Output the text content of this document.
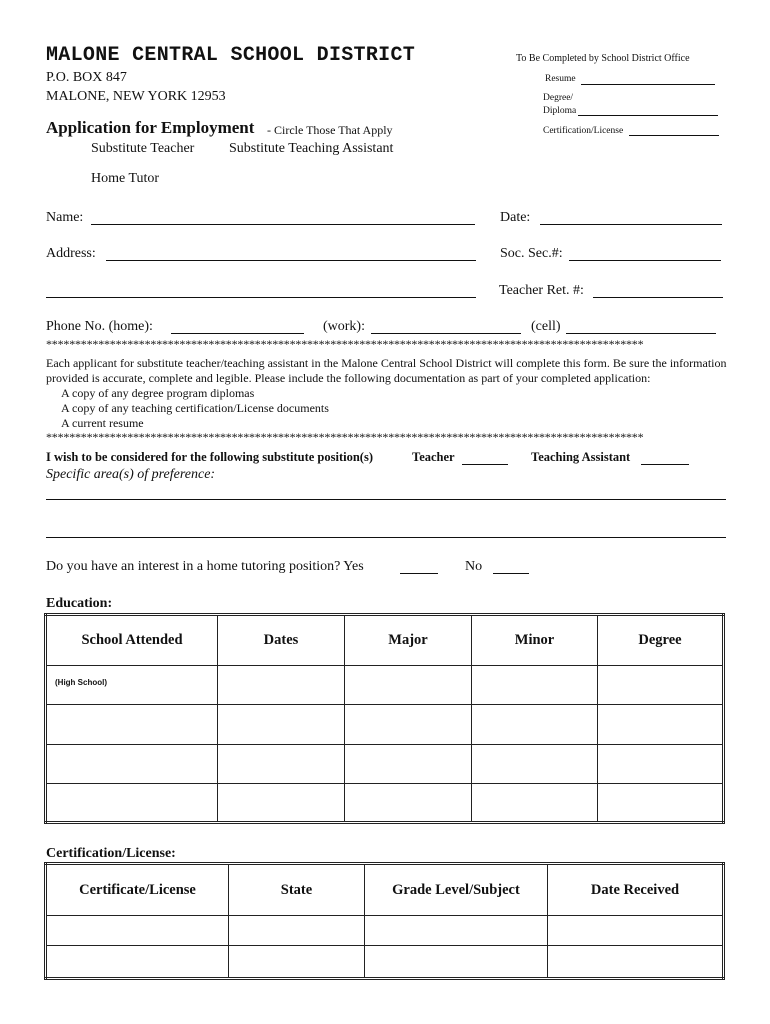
MALONE CENTRAL SCHOOL DISTRICT
P.O. BOX 847
MALONE, NEW YORK 12953
To Be Completed by School District Office
Resume
Degree/
Diploma
Certification/License
Application for Employment - Circle Those That Apply
Substitute Teacher Substitute Teaching Assistant
Home Tutor
Name:	Date:
Address:	Soc. Sec.#:
Teacher Ret. #:
Phone No. (home):	(work):	(cell)
*******************************************************************************************************
Each applicant for substitute teacher/teaching assistant in the Malone Central School District will complete this form. Be sure the information provided is accurate, complete and legible. Please include the following documentation as part of your completed application:
A copy of any degree program diplomas
A copy of any teaching certification/License documents
A current resume
*******************************************************************************************************
I wish to be considered for the following substitute position(s)	Teacher	Teaching Assistant
Specific area(s) of preference:
Do you have an interest in a home tutoring position? Yes	No
Education:
School Attended	Dates	Major	Minor	Degree

(High School)				

Certification/License:
Certificate/License	State	Grade Level/Subject	Date Received
